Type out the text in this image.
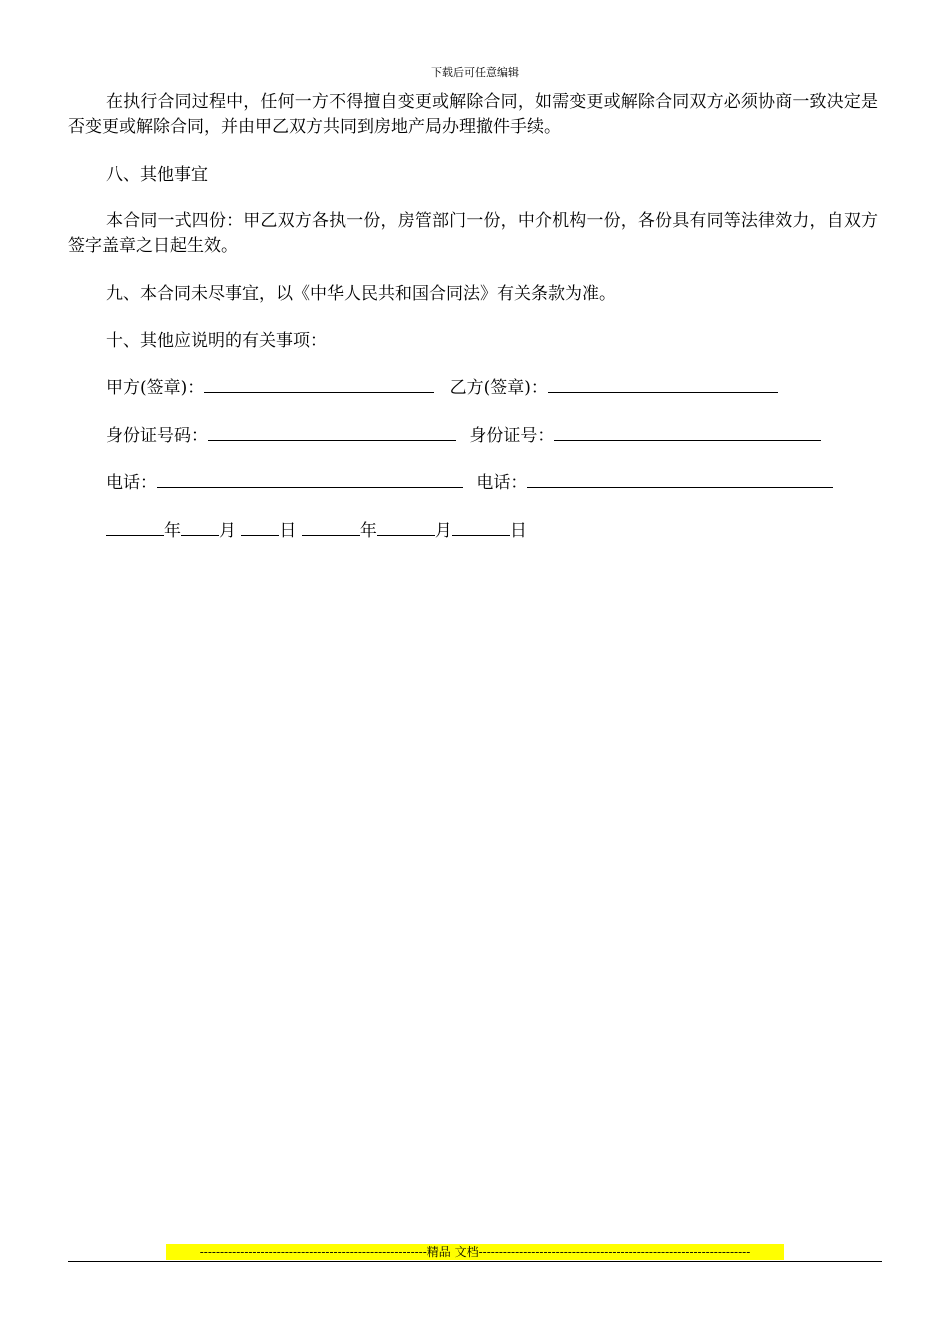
下载后可任意编辑

在执行合同过程中，任何一方不得擅自变更或解除合同，如需变更或解除合同双方必须协商一致决定是否变更或解除合同，并由甲乙双方共同到房地产局办理撤件手续。

八、其他事宜

本合同一式四份：甲乙双方各执一份，房管部门一份，中介机构一份，各份具有同等法律效力，自双方签字盖章之日起生效。

九、本合同未尽事宜，以《中华人民共和国合同法》有关条款为准。

十、其他应说明的有关事项：

甲方(签章)：	乙方(签章)：
身份证号码：	身份证号：
电话：	电话：
年 月	日	年	月	日
--------------------------------------------------------精品 文档-------------------------------------------------------------------
